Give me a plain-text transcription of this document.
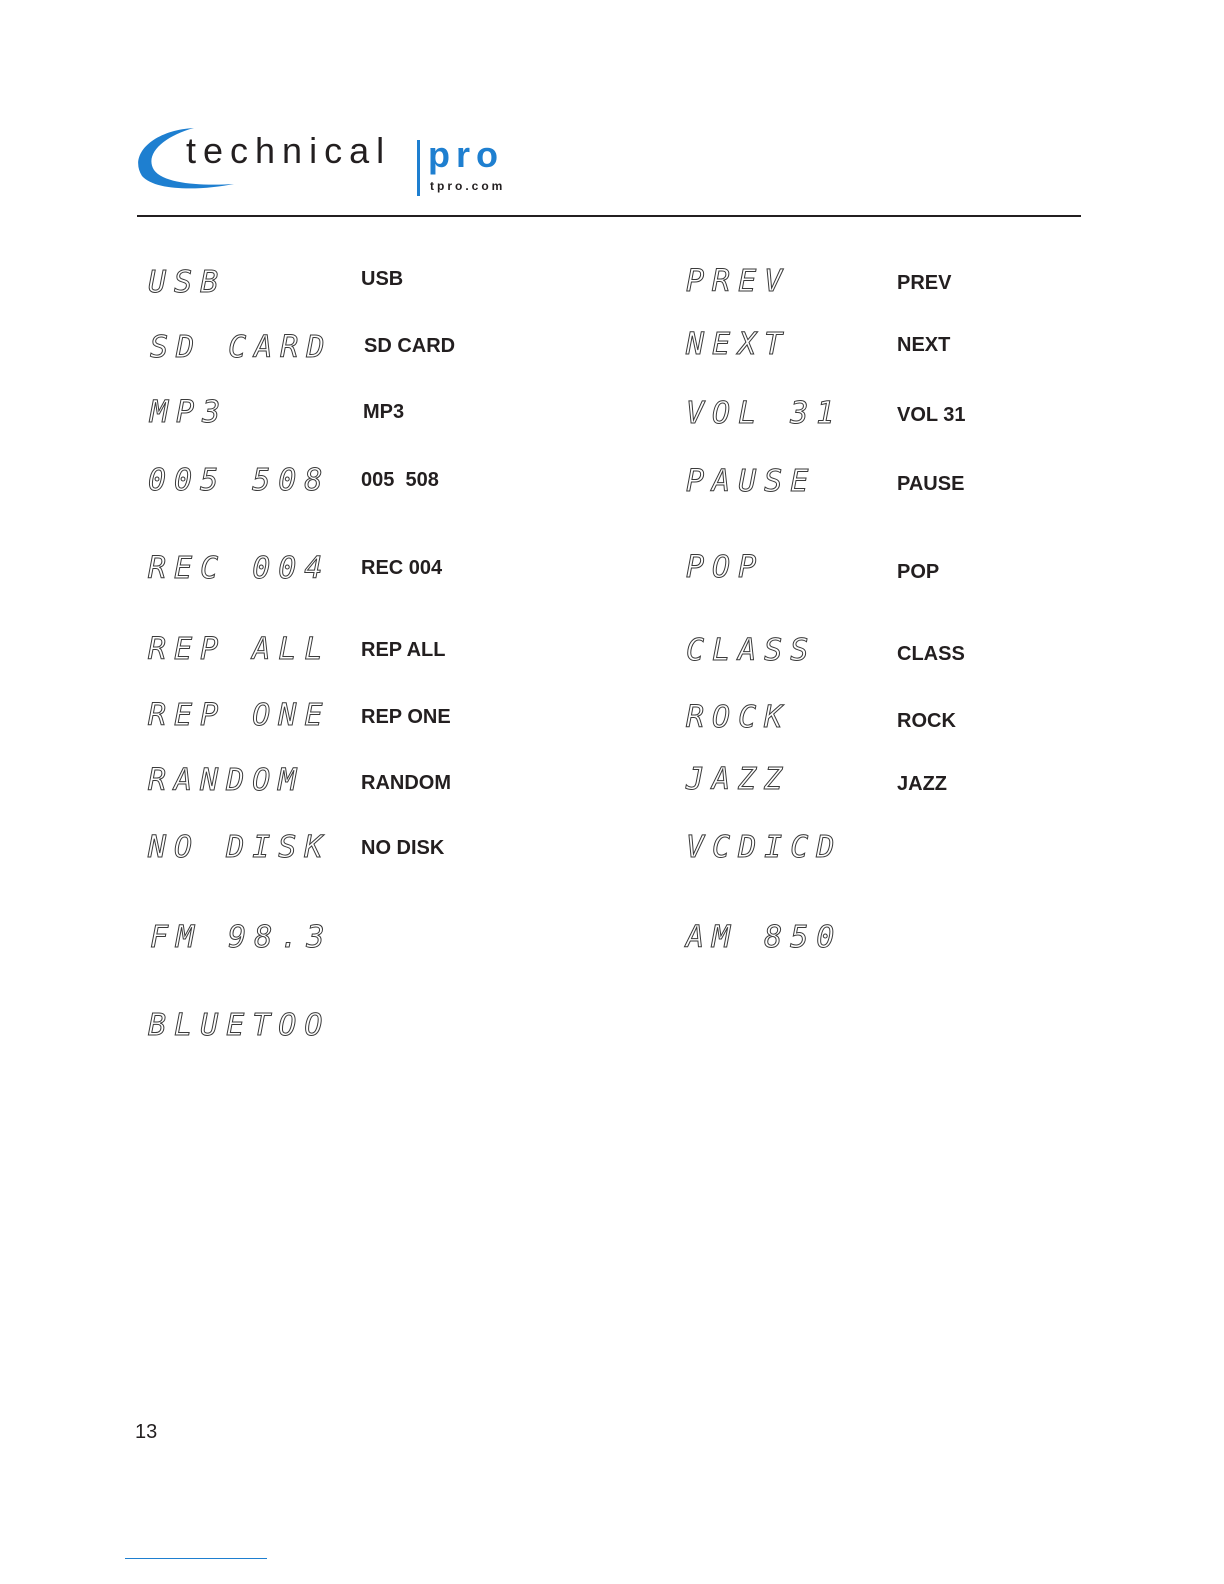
technical pro
tpro.com
USB
SD CARD
MP3
005 508
REC 004
REP ALL
REP ONE
RANDOM
NO DISK
FM 98.3
BLUETOO
USB
SD CARD
MP3
005  508
REC 004
REP ALL
REP ONE
RANDOM
NO DISK
PREV
NEXT
VOL 31
PAUSE
POP
CLASS
ROCK
JAZZ
VCDICD
AM 850
PREV
NEXT
VOL 31
PAUSE
POP
CLASS
ROCK
JAZZ
13
